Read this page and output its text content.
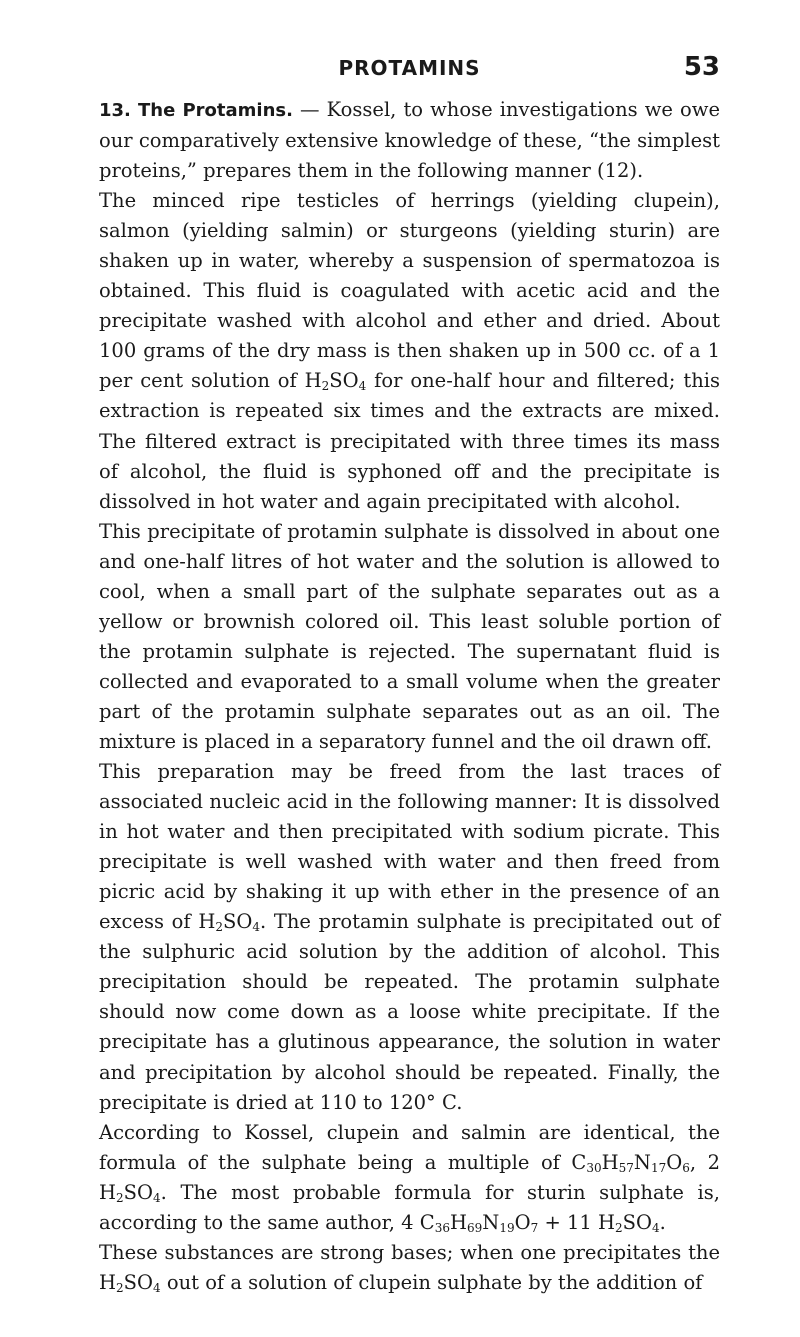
PROTAMINS	53

13. The Protamins. — Kossel, to whose investigations we owe our comparatively extensive knowledge of these, “the simplest proteins,” prepares them in the following manner (12).

The minced ripe testicles of herrings (yielding clupein), salmon (yielding salmin) or sturgeons (yielding sturin) are shaken up in water, whereby a suspension of spermatozoa is obtained. This fluid is coagulated with acetic acid and the precipitate washed with alcohol and ether and dried. About 100 grams of the dry mass is then shaken up in 500 cc. of a 1 per cent solution of $H_2SO_4$ for one-half hour and filtered; this extraction is repeated six times and the extracts are mixed. The filtered extract is precipitated with three times its mass of alcohol, the fluid is syphoned off and the precipitate is dissolved in hot water and again precipitated with alcohol.

This precipitate of protamin sulphate is dissolved in about one and one-half litres of hot water and the solution is allowed to cool, when a small part of the sulphate separates out as a yellow or brownish colored oil. This least soluble portion of the protamin sulphate is rejected. The supernatant fluid is collected and evaporated to a small volume when the greater part of the protamin sulphate separates out as an oil. The mixture is placed in a separatory funnel and the oil drawn off.

This preparation may be freed from the last traces of associated nucleic acid in the following manner: It is dissolved in hot water and then precipitated with sodium picrate. This precipitate is well washed with water and then freed from picric acid by shaking it up with ether in the presence of an excess of $H_2SO_4$. The protamin sulphate is precipitated out of the sulphuric acid solution by the addition of alcohol. This precipitation should be repeated. The protamin sulphate should now come down as a loose white precipitate. If the precipitate has a glutinous appearance, the solution in water and precipitation by alcohol should be repeated. Finally, the precipitate is dried at 110 to 120° C.

According to Kossel, clupein and salmin are identical, the formula of the sulphate being a multiple of $C_{30}H_{57}N_{17}O_6$, 2 $H_2SO_4$. The most probable formula for sturin sulphate is, according to the same author, 4 $C_{36}H_{69}N_{19}O_7 + 11$ $H_2SO_4$.

These substances are strong bases; when one precipitates the $H_2SO_4$ out of a solution of clupein sulphate by the addition of
